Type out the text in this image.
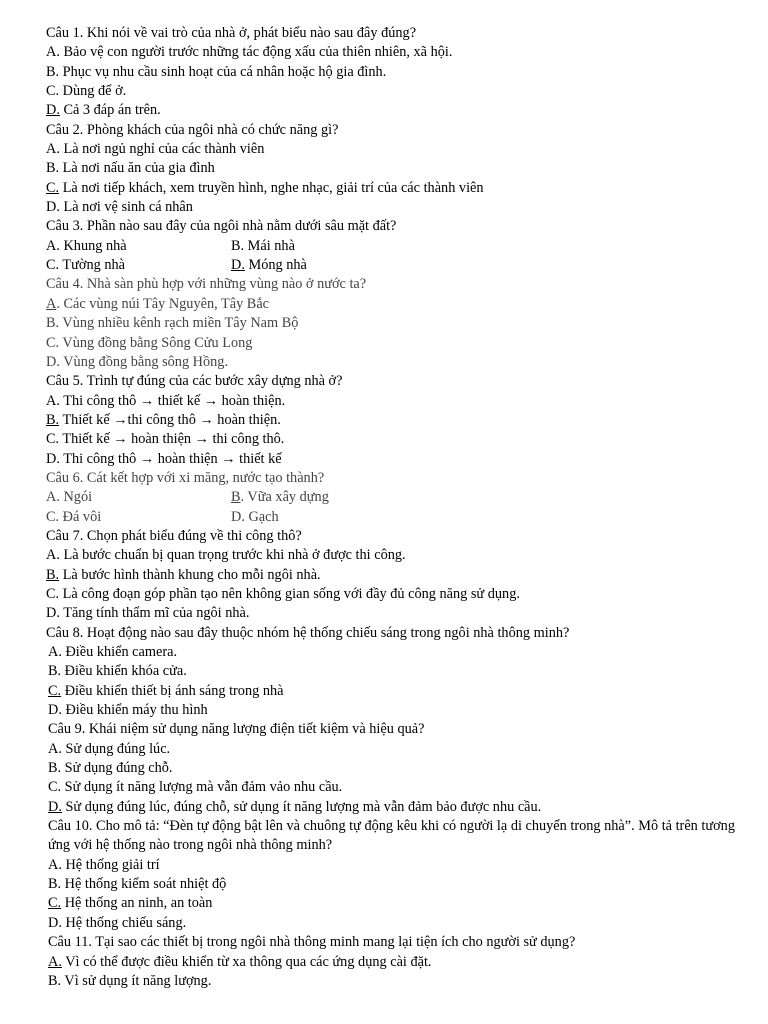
Câu 1. Khi nói về vai trò của nhà ở, phát biểu nào sau đây đúng?
A. Bảo vệ con người trước những tác động xấu của thiên nhiên, xã hội.
B. Phục vụ nhu cầu sinh hoạt của cá nhân hoặc hộ gia đình.
C. Dùng để ở.
D. Cả 3 đáp án trên.
Câu 2. Phòng khách của ngôi nhà có chức năng gì?
A. Là nơi ngủ nghỉ của các thành viên
B. Là nơi nấu ăn của gia đình
C. Là nơi tiếp khách, xem truyền hình, nghe nhạc, giải trí của các thành viên
D. Là nơi vệ sinh cá nhân
Câu 3. Phần nào sau đây của ngôi nhà nằm dưới sâu mặt đất?
A. Khung nhà	B. Mái nhà
C. Tường nhà	D. Móng nhà
Câu 4. Nhà sàn phù hợp với những vùng nào ở nước ta?
A. Các vùng núi Tây Nguyên, Tây Bắc
B. Vùng nhiều kênh rạch miền Tây Nam Bộ
C. Vùng đồng bằng Sông Cửu Long
D. Vùng đồng bằng sông Hồng.
Câu 5. Trình tự đúng của các bước xây dựng nhà ở?
A. Thi công thô → thiết kế → hoàn thiện.
B. Thiết kế →thi công thô → hoàn thiện.
C. Thiết kế → hoàn thiện → thi công thô.
D. Thi công thô → hoàn thiện → thiết kế
Câu 6. Cát kết hợp với xi măng, nước tạo thành?
A. Ngói	B. Vữa xây dựng
C. Đá vôi	D. Gạch
Câu 7. Chọn phát biểu đúng về thi công thô?
A. Là bước chuẩn bị quan trọng trước khi nhà ở được thi công.
B. Là bước hình thành khung cho mỗi ngôi nhà.
C. Là công đoạn góp phần tạo nên không gian sống với đầy đủ công năng sử dụng.
D. Tăng tính thẩm mĩ của ngôi nhà.
Câu 8. Hoạt động nào sau đây thuộc nhóm hệ thống chiếu sáng trong ngôi nhà thông minh?
A. Điều khiển camera.
B. Điều khiển khóa cửa.
C. Điều khiển thiết bị ánh sáng trong nhà
D. Điều khiển máy thu hình
Câu 9. Khái niệm sử dụng năng lượng điện tiết kiệm và hiệu quả?
A. Sử dụng đúng lúc.
B. Sử dụng đúng chỗ.
C. Sử dụng ít năng lượng mà vẫn đảm vảo nhu cầu.
D. Sử dụng đúng lúc, đúng chỗ, sử dụng ít năng lượng mà vẫn đảm bảo được nhu cầu.
Câu 10. Cho mô tả: “Đèn tự động bật lên và chuông tự động kêu khi có người lạ di chuyển trong nhà”. Mô tả trên tương ứng với hệ thống nào trong ngôi nhà thông minh?
A. Hệ thống giải trí
B. Hệ thống kiểm soát nhiệt độ
C. Hệ thống an ninh, an toàn
D. Hệ thống chiếu sáng.
Câu 11. Tại sao các thiết bị trong ngôi nhà thông minh mang lại tiện ích cho người sử dụng?
A. Vì có thể được điều khiển từ xa thông qua các ứng dụng cài đặt.
B. Vì sử dụng ít năng lượng.
